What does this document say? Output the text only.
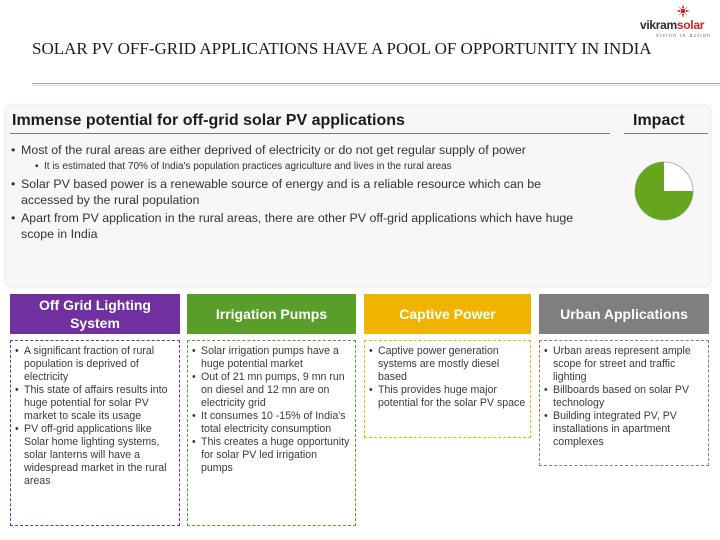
SOLAR PV OFF-GRID APPLICATIONS HAVE A POOL OF OPPORTUNITY IN INDIA
vikramsolar
vision in action
Immense potential for off-grid solar PV applications	Impact
• Most of the rural areas are either deprived of electricity or do not get regular supply of power
▪ It is estimated that 70% of India's population practices agriculture and lives in the rural areas
• Solar PV based power is a renewable source of energy and is a reliable resource which can be accessed by the rural population
• Apart from PV application in the rural areas, there are other PV off-grid applications which have huge scope in India
Off Grid Lighting System
Irrigation Pumps	Captive Power	Urban Applications
• A significant fraction of rural population is deprived of electricity
• This state of affairs results into huge potential for solar PV market to scale its usage
• PV off-grid applications like Solar home lighting systems, solar lanterns will have a widespread market in the rural areas
• Solar irrigation pumps have a huge potential market
• Out of 21 mn pumps, 9 mn run on diesel and 12 mn are on electricity grid
• It consumes 10 -15% of India's total electricity consumption
• This creates a huge opportunity for solar PV led irrigation pumps
• Captive power generation systems are mostly diesel based
• This provides huge major potential for the solar PV space
• Urban areas represent ample scope for street and traffic lighting
• Billboards based on solar PV technology
• Building integrated PV, PV installations in apartment complexes
